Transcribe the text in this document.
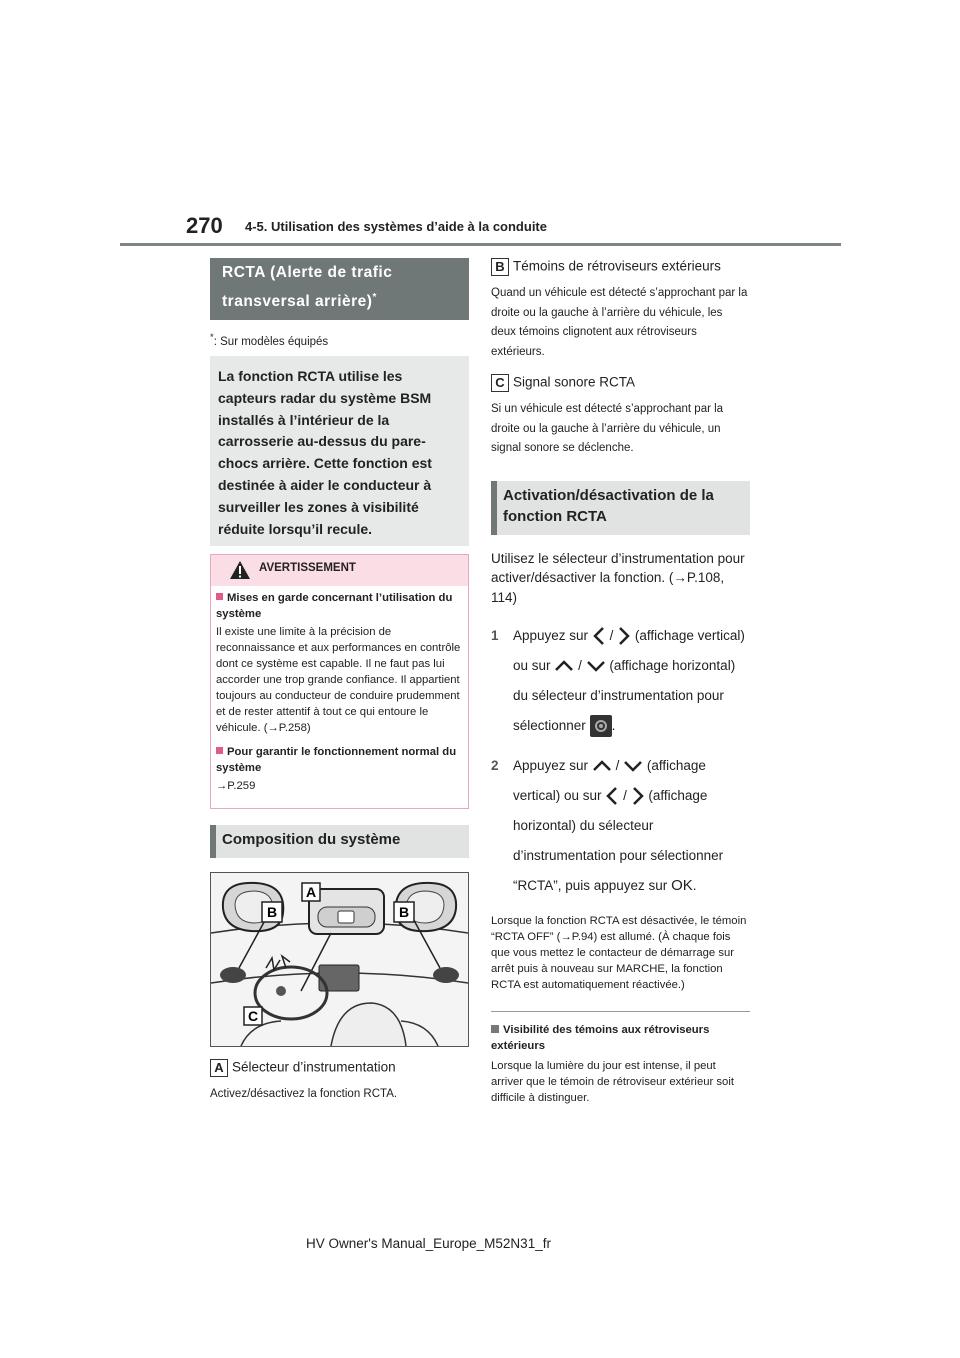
270 4-5. Utilisation des systèmes d’aide à la conduite
RCTA (Alerte de trafic
transversal arrière)*
*: Sur modèles équipés
La fonction RCTA utilise les capteurs radar du système BSM installés à l’intérieur de la carrosserie au-dessus du pare-chocs arrière. Cette fonction est destinée à aider le conducteur à surveiller les zones à visibilité réduite lorsqu’il recule.
AVERTISSEMENT
Mises en garde concernant l’utilisation du système
Il existe une limite à la précision de reconnaissance et aux performances en contrôle dont ce système est capable. Il ne faut pas lui accorder une trop grande confiance. Il appartient toujours au conducteur de conduire prudemment et de rester attentif à tout ce qui entoure le véhicule. (→P.258)
Pour garantir le fonctionnement normal du système
→P.259
Composition du système
A
B	B
C
A Sélecteur d’instrumentation
Activez/désactivez la fonction RCTA.
B Témoins de rétroviseurs extérieurs
Quand un véhicule est détecté s’approchant par la droite ou la gauche à l’arrière du véhicule, les deux témoins clignotent aux rétroviseurs extérieurs.
C Signal sonore RCTA
Si un véhicule est détecté s’approchant par la droite ou la gauche à l’arrière du véhicule, un signal sonore se déclenche.
Activation/désactivation de la fonction RCTA
Utilisez le sélecteur d’instrumentation pour activer/désactiver la fonction. (→P.108, 114)
1 Appuyez sur / (affichage vertical) ou sur / (affichage horizontal) du sélecteur d’instrumentation pour sélectionner .
2 Appuyez sur / (affichage vertical) ou sur / (affichage horizontal) du sélecteur d’instrumentation pour sélectionner “RCTA”, puis appuyez sur OK.
Lorsque la fonction RCTA est désactivée, le témoin “RCTA OFF” (→P.94) est allumé. (À chaque fois que vous mettez le contacteur de démarrage sur arrêt puis à nouveau sur MARCHE, la fonction RCTA est automatiquement réactivée.)
Visibilité des témoins aux rétroviseurs extérieurs
Lorsque la lumière du jour est intense, il peut arriver que le témoin de rétroviseur extérieur soit difficile à distinguer.
HV Owner's Manual_Europe_M52N31_fr
